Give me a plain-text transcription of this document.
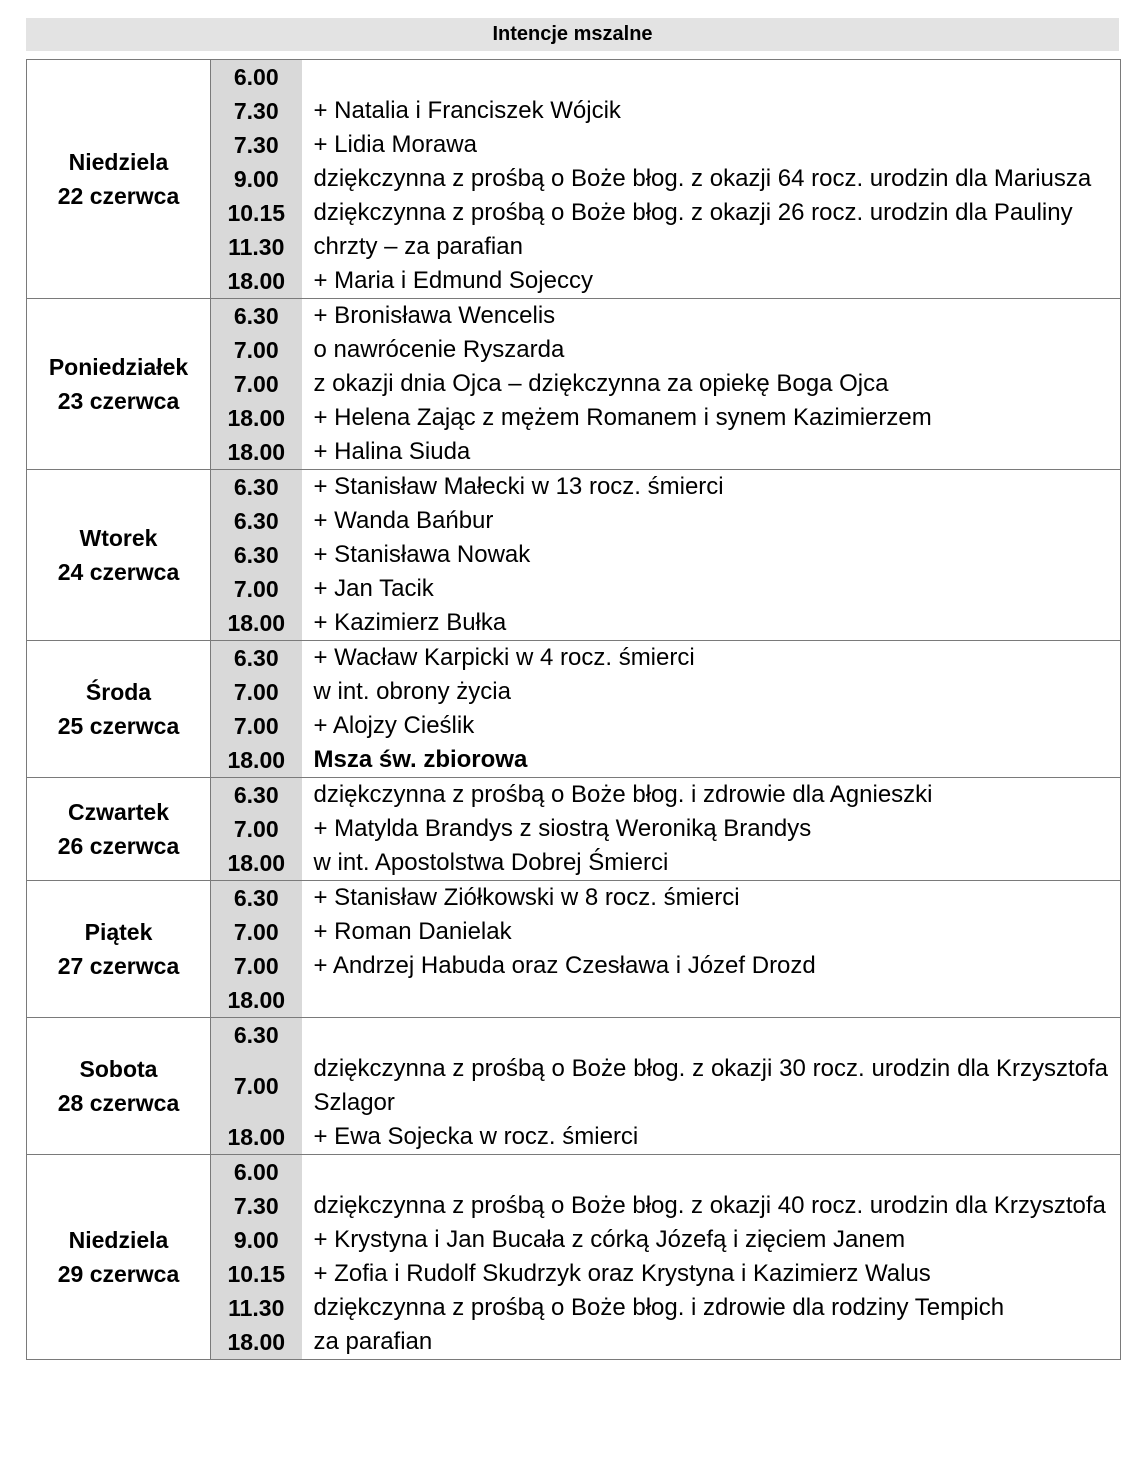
Intencje mszalne
Niedziela
22 czerwca	6.00	
	7.30	+ Natalia i Franciszek Wójcik
	7.30	+ Lidia Morawa
	9.00	dziękczynna z prośbą o Boże błog. z okazji 64 rocz. urodzin dla Mariusza
	10.15	dziękczynna z prośbą o Boże błog. z okazji 26 rocz. urodzin dla Pauliny
	11.30	chrzty – za parafian
	18.00	+ Maria i Edmund Sojeccy

Poniedziałek
23 czerwca	6.30	+ Bronisława Wencelis
	7.00	o nawrócenie Ryszarda
	7.00	z okazji dnia Ojca – dziękczynna za opiekę Boga Ojca
	18.00	+ Helena Zając z mężem Romanem i synem Kazimierzem
	18.00	+ Halina Siuda

Wtorek
24 czerwca	6.30	+ Stanisław Małecki w 13 rocz. śmierci
	6.30	+ Wanda Bańbur
	6.30	+ Stanisława Nowak
	7.00	+ Jan Tacik
	18.00	+ Kazimierz Bułka

Środa
25 czerwca	6.30	+ Wacław Karpicki w 4 rocz. śmierci
	7.00	w int. obrony życia
	7.00	+ Alojzy Cieślik
	18.00	Msza św. zbiorowa

Czwartek
26 czerwca	6.30	dziękczynna z prośbą o Boże błog. i zdrowie dla Agnieszki
	7.00	+ Matylda Brandys z siostrą Weroniką Brandys
	18.00	w int. Apostolstwa Dobrej Śmierci

Piątek
27 czerwca	6.30	+ Stanisław Ziółkowski w 8 rocz. śmierci
	7.00	+ Roman Danielak
	7.00	+ Andrzej Habuda oraz Czesława i Józef Drozd
	18.00	

Sobota
28 czerwca	6.30	
	7.00	dziękczynna z prośbą o Boże błog. z okazji 30 rocz. urodzin dla Krzysztofa Szlagor
	18.00	+ Ewa Sojecka w rocz. śmierci

Niedziela
29 czerwca	6.00	
	7.30	dziękczynna z prośbą o Boże błog. z okazji 40 rocz. urodzin dla Krzysztofa
	9.00	+ Krystyna i Jan Bucała z córką Józefą i zięciem Janem
	10.15	+ Zofia i Rudolf Skudrzyk oraz Krystyna i Kazimierz Walus
	11.30	dziękczynna z prośbą o Boże błog. i zdrowie dla rodziny Tempich
	18.00	za parafian
